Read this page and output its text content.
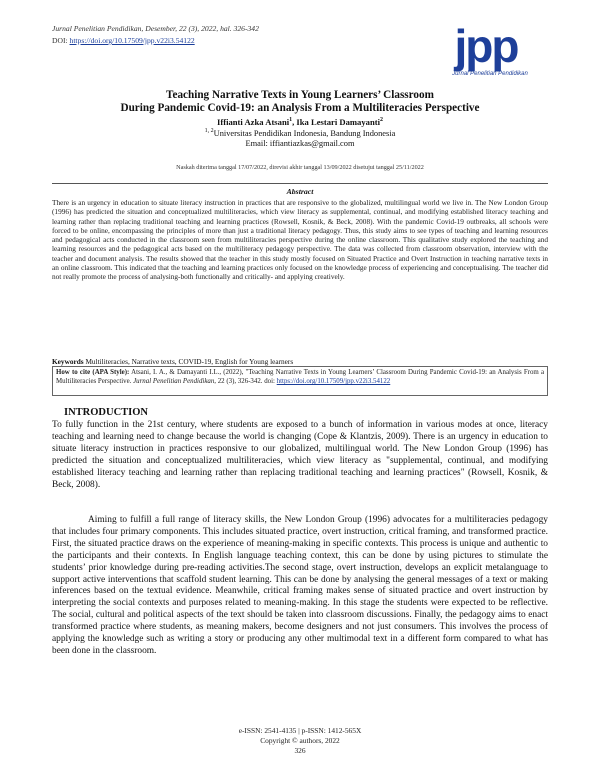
Jurnal Penelitian Pendidikan, Desember, 22 (3), 2022, hal. 326-342
DOI: https://doi.org/10.17509/jpp.v22i3.54122	jpp
Jurnal Penelitian Pendidikan
Teaching Narrative Texts in Young Learners’ Classroom
During Pandemic Covid-19: an Analysis From a Multiliteracies Perspective
Iffianti Azka Atsani$^1$, Ika Lestari Damayanti$^2$
$^{1, 2}$Universitas Pendidikan Indonesia, Bandung Indonesia
Email: iffiantiazkas@gmail.com
Naskah diterima tanggal 17/07/2022, direvisi akhir tanggal 13/09/2022 disetujui tanggal 25/11/2022
Abstract
There is an urgency in education to situate literacy instruction in practices that are responsive to the globalized, multilingual world we live in. The New London Group (1996) has predicted the situation and conceptualized multiliteracies, which view literacy as supplemental, continual, and modifying established literacy teaching and learning rather than replacing traditional teaching and learning practices (Rowsell, Kosnik, & Beck, 2008). With the pandemic Covid-19 outbreaks, all schools were forced to be online, encompassing the principles of more than just a traditional literacy pedagogy. Thus, this study aims to see types of teaching and learning resources and pedagogical acts conducted in the classroom seen from multiliteracies perspective during the online classroom. This qualitative study explored the teaching and learning resources and the pedagogical acts based on the multiliteracy pedagogy perspective. The data was collected from classroom observation, interview with the teacher and document analysis. The results showed that the teacher in this study mostly focused on Situated Practice and Overt Instruction in teaching narrative texts in an online classroom. This indicated that the teaching and learning practices only focused on the knowledge process of experiencing and conceptualising. The teacher did not really promote the process of analysing-both functionally and critically- and applying creatively.
Keywords Multiliteracies, Narrative texts, COVID-19, English for Young learners
How to cite (APA Style): Atsani, I. A., & Damayanti I.L., (2022), "Teaching Narrative Texts in Young Learners’ Classroom During Pandemic Covid-19: an Analysis From a Multiliteracies Perspective. Jurnal Penelitian Pendidikan, 22 (3), 326-342. doi: https://doi.org/10.17509/jpp.v22i3.54122
INTRODUCTION
To fully function in the 21st century, where students are exposed to a bunch of information in various modes at once, literacy teaching and learning need to change because the world is changing (Cope & Klantzis, 2009). There is an urgency in education to situate literacy instruction in practices responsive to our globalized, multilingual world. The New London Group (1996) has predicted the situation and conceptualized multiliteracies, which view literacy as "supplemental, continual, and modifying established literacy teaching and learning rather than replacing traditional teaching and learning practices" (Rowsell, Kosnik, & Beck, 2008).
Aiming to fulfill a full range of literacy skills, the New London Group (1996) advocates for a multiliteracies pedagogy that includes four primary components. This includes situated practice, overt instruction, critical framing, and transformed practice. First, the situated practice draws on the experience of meaning-making in specific contexts. This process is unique and authentic to the participants and their contexts. In English language teaching context, this can be done by using pictures to stimulate the students’ prior knowledge during pre-reading activities.The second stage, overt instruction, develops an explicit metalanguage to support active interventions that scaffold student learning. This can be done by analysing the general messages of a text or making inferences based on the textual evidence. Meanwhile, critical framing makes sense of situated practice and overt instruction by interpreting the social contexts and purposes related to meaning-making. In this stage the students were expected to be reflective. The social, cultural and political aspects of the text should be taken into classroom discussions. Finally, the pedagogy aims to enact transformed practice where students, as meaning makers, become designers and not just consumers. This involves the process of applying the knowledge such as writing a story or producing any other multimodal text in a different form compared to what has been done in the classroom.
e-ISSN: 2541-4135 | p-ISSN: 1412-565X
Copyright © authors, 2022
326
